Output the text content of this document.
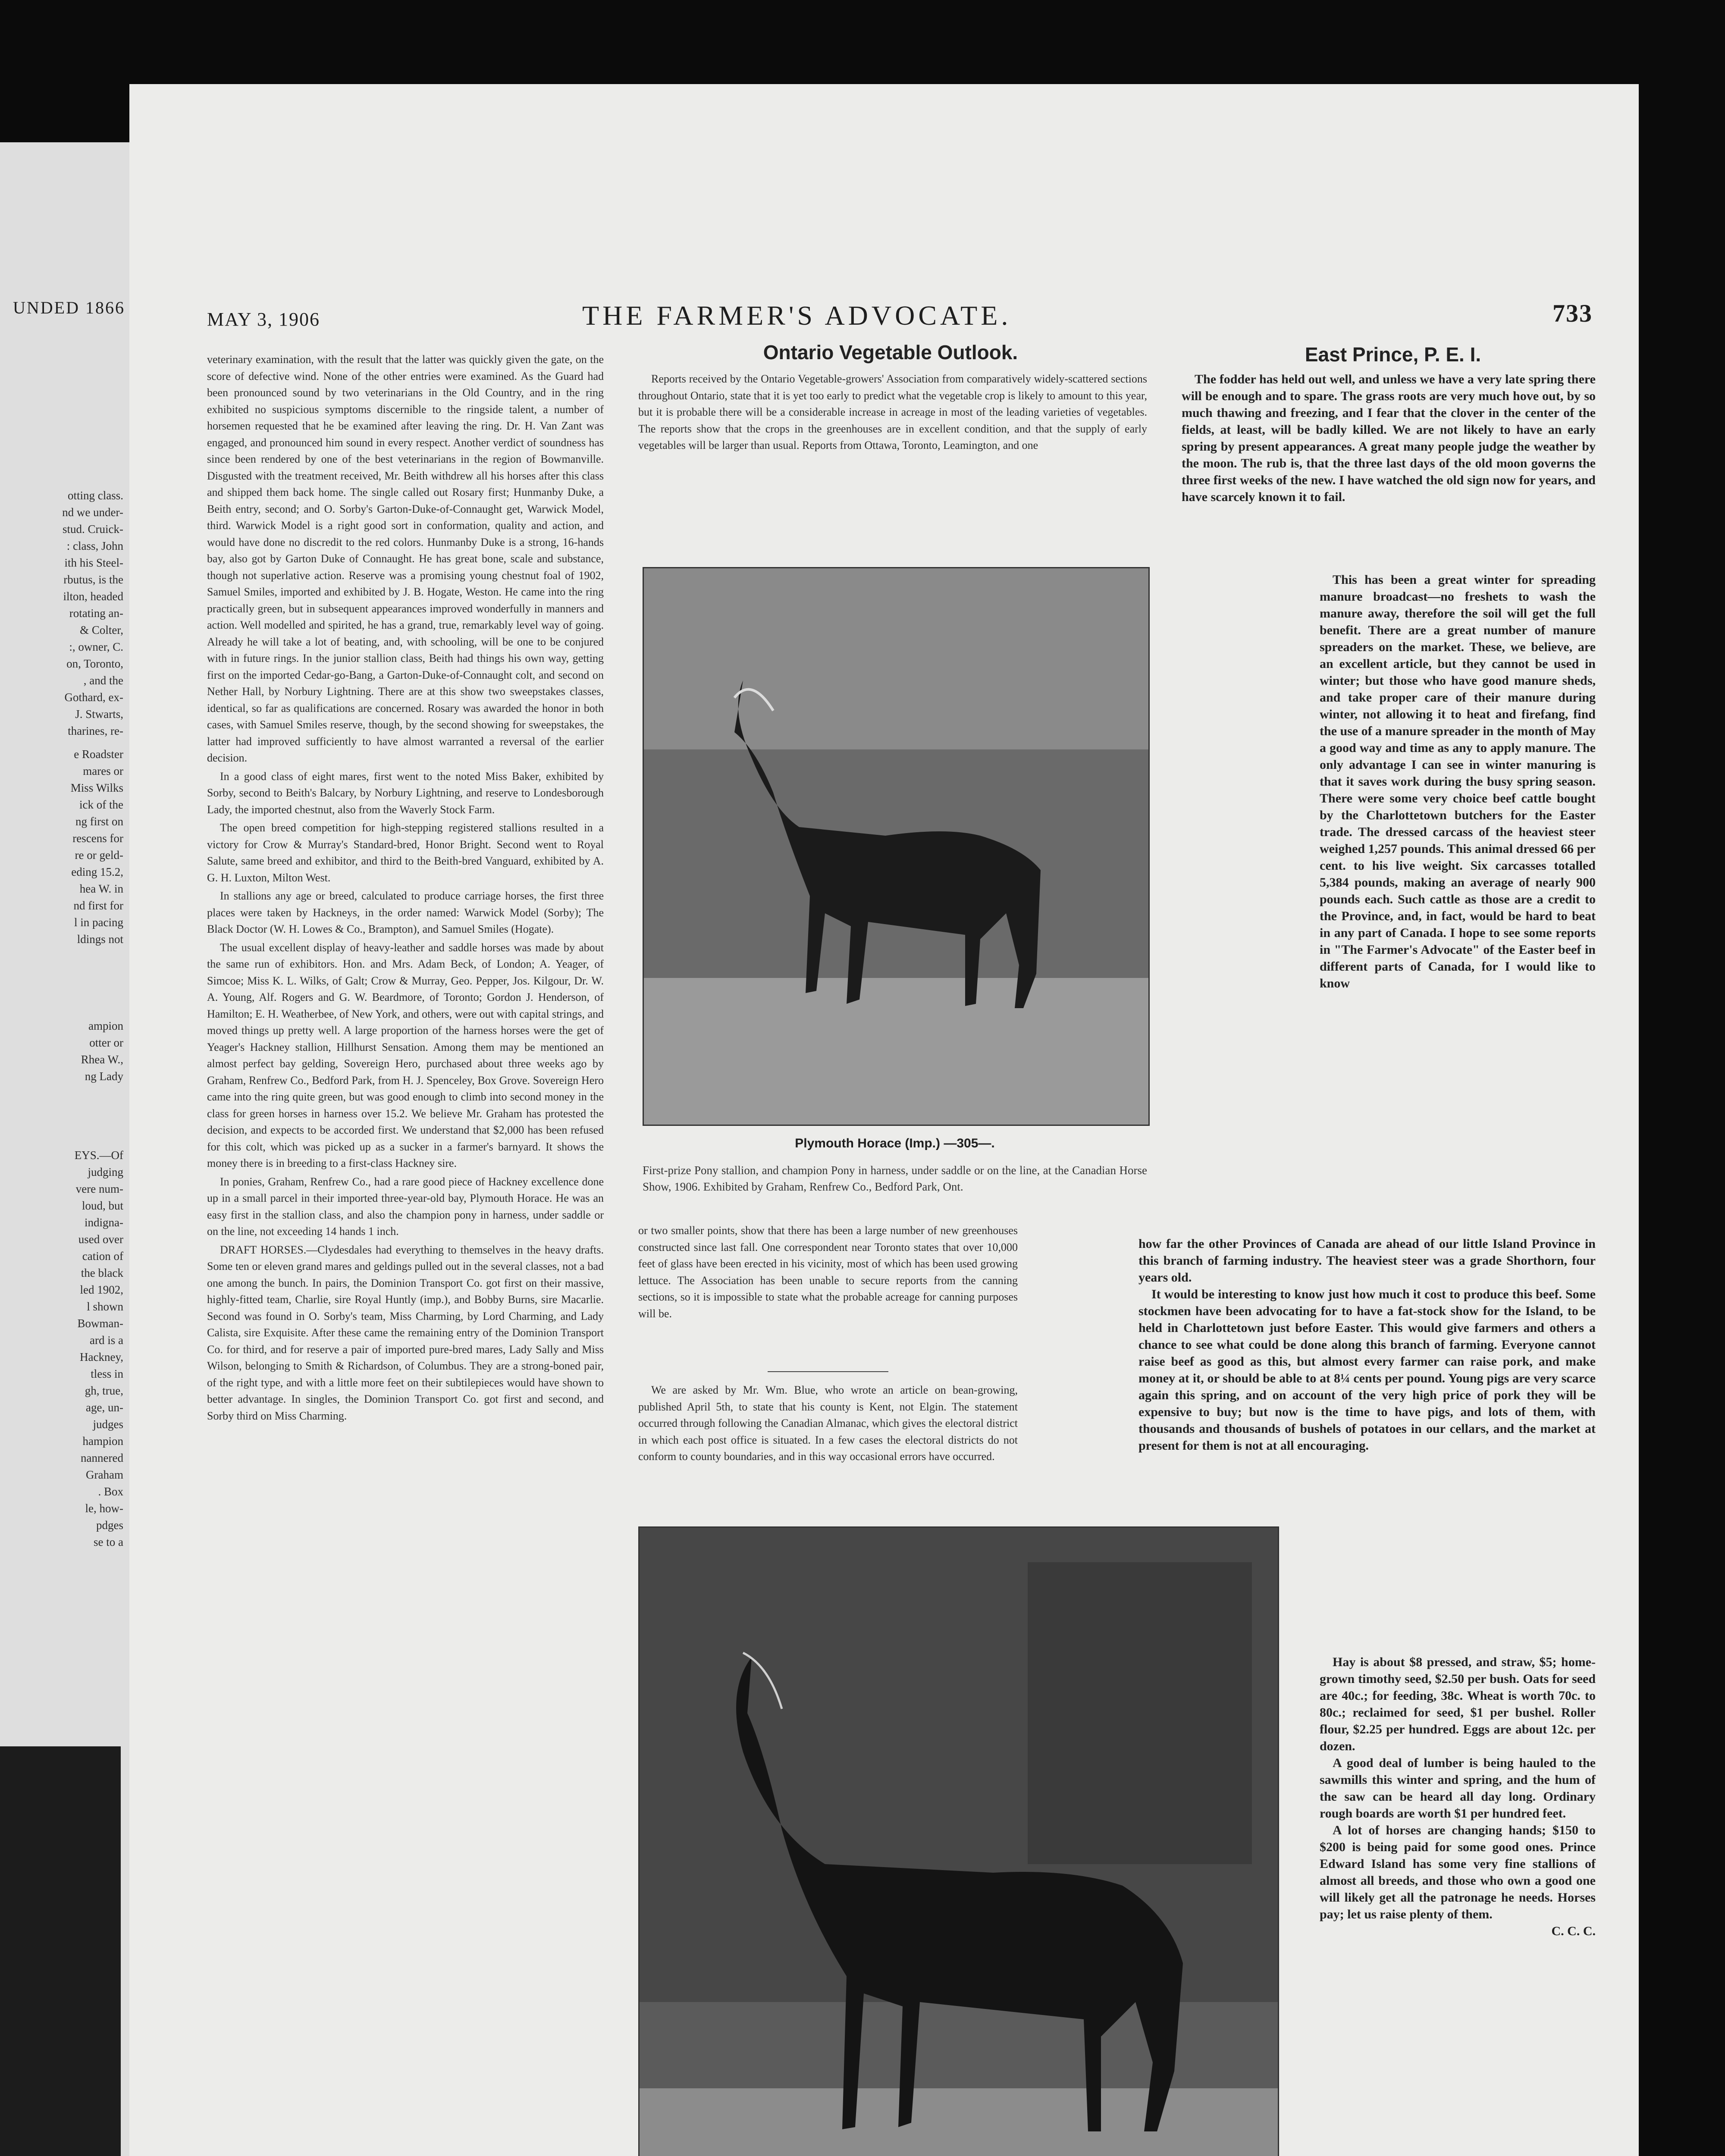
UNDED 1866
otting class.
nd we under-
stud. Cruick-
: class, John
ith his Steel-
rbutus, is the
ilton, headed
rotating an-
& Colter,
:, owner, C.
on, Toronto,
, and the
Gothard, ex-
J. Stwarts,
tharines, re-
e Roadster
mares or
Miss Wilks
ick of the
ng first on
rescens for
re or geld-
eding 15.2,
hea W. in
nd first for
l in pacing
ldings not
ampion
otter or
Rhea W.,
ng Lady
EYS.—Of
judging
vere num-
loud, but
indigna-
used over
cation of
the black
led 1902,
l shown
Bowman-
ard is a
Hackney,
tless in
gh, true,
age, un-
judges
hampion
nannered
Graham
. Box
le, how-
pdges
se to a
MAY 3, 1906	THE FARMER'S ADVOCATE.	733

veterinary examination, with the result that the latter was quickly given the gate, on the score of defective wind. None of the other entries were examined. As the Guard had been pronounced sound by two veterinarians in the Old Country, and in the ring exhibited no suspicious symptoms discernible to the ringside talent, a number of horsemen requested that he be examined after leaving the ring. Dr. H. Van Zant was engaged, and pronounced him sound in every respect. Another verdict of soundness has since been rendered by one of the best veterinarians in the region of Bowmanville. Disgusted with the treatment received, Mr. Beith withdrew all his horses after this class and shipped them back home. The single called out Rosary first; Hunmanby Duke, a Beith entry, second; and O. Sorby's Garton-Duke-of-Connaught get, Warwick Model, third. Warwick Model is a right good sort in conformation, quality and action, and would have done no discredit to the red colors. Hunmanby Duke is a strong, 16-hands bay, also got by Garton Duke of Connaught. He has great bone, scale and substance, though not superlative action. Reserve was a promising young chestnut foal of 1902, Samuel Smiles, imported and exhibited by J. B. Hogate, Weston. He came into the ring practically green, but in subsequent appearances improved wonderfully in manners and action. Well modelled and spirited, he has a grand, true, remarkably level way of going. Already he will take a lot of beating, and, with schooling, will be one to be conjured with in future rings. In the junior stallion class, Beith had things his own way, getting first on the imported Cedar-go-Bang, a Garton-Duke-of-Connaught colt, and second on Nether Hall, by Norbury Lightning. There are at this show two sweepstakes classes, identical, so far as qualifications are concerned. Rosary was awarded the honor in both cases, with Samuel Smiles reserve, though, by the second showing for sweepstakes, the latter had improved sufficiently to have almost warranted a reversal of the earlier decision.

In a good class of eight mares, first went to the noted Miss Baker, exhibited by Sorby, second to Beith's Balcary, by Norbury Lightning, and reserve to Londesborough Lady, the imported chestnut, also from the Waverly Stock Farm.

The open breed competition for high-stepping registered stallions resulted in a victory for Crow & Murray's Standard-bred, Honor Bright. Second went to Royal Salute, same breed and exhibitor, and third to the Beith-bred Vanguard, exhibited by A. G. H. Luxton, Milton West.

In stallions any age or breed, calculated to produce carriage horses, the first three places were taken by Hackneys, in the order named: Warwick Model (Sorby); The Black Doctor (W. H. Lowes & Co., Brampton), and Samuel Smiles (Hogate).

The usual excellent display of heavy-leather and saddle horses was made by about the same run of exhibitors. Hon. and Mrs. Adam Beck, of London; A. Yeager, of Simcoe; Miss K. L. Wilks, of Galt; Crow & Murray, Geo. Pepper, Jos. Kilgour, Dr. W. A. Young, Alf. Rogers and G. W. Beardmore, of Toronto; Gordon J. Henderson, of Hamilton; E. H. Weatherbee, of New York, and others, were out with capital strings, and moved things up pretty well. A large proportion of the harness horses were the get of Yeager's Hackney stallion, Hillhurst Sensation. Among them may be mentioned an almost perfect bay gelding, Sovereign Hero, purchased about three weeks ago by Graham, Renfrew Co., Bedford Park, from H. J. Spenceley, Box Grove. Sovereign Hero came into the ring quite green, but was good enough to climb into second money in the class for green horses in harness over 15.2. We believe Mr. Graham has protested the decision, and expects to be accorded first. We understand that $2,000 has been refused for this colt, which was picked up as a sucker in a farmer's barnyard. It shows the money there is in breeding to a first-class Hackney sire.

In ponies, Graham, Renfrew Co., had a rare good piece of Hackney excellence done up in a small parcel in their imported three-year-old bay, Plymouth Horace. He was an easy first in the stallion class, and also the champion pony in harness, under saddle or on the line, not exceeding 14 hands 1 inch.

DRAFT HORSES.—Clydesdales had everything to themselves in the heavy drafts. Some ten or eleven grand mares and geldings pulled out in the several classes, not a bad one among the bunch. In pairs, the Dominion Transport Co. got first on their massive, highly-fitted team, Charlie, sire Royal Huntly (imp.), and Bobby Burns, sire Macarlie. Second was found in O. Sorby's team, Miss Charming, by Lord Charming, and Lady Calista, sire Exquisite. After these came the remaining entry of the Dominion Transport Co. for third, and for reserve a pair of imported pure-bred mares, Lady Sally and Miss Wilson, belonging to Smith & Richardson, of Columbus. They are a strong-boned pair, of the right type, and with a little more feet on their subtilepieces would have shown to better advantage. In singles, the Dominion Transport Co. got first and second, and Sorby third on Miss Charming.

Ontario Vegetable Outlook.

Reports received by the Ontario Vegetable-growers' Association from comparatively widely-scattered sections throughout Ontario, state that it is yet too early to predict what the vegetable crop is likely to amount to this year, but it is probable there will be a considerable increase in acreage in most of the leading varieties of vegetables. The reports show that the crops in the greenhouses are in excellent condition, and that the supply of early vegetables will be larger than usual. Reports from Ottawa, Toronto, Leamington, and one

Plymouth Horace (Imp.) —305—.
First-prize Pony stallion, and champion Pony in harness, under saddle or on the line, at the Canadian Horse Show, 1906. Exhibited by Graham, Renfrew Co., Bedford Park, Ont.

or two smaller points, show that there has been a large number of new greenhouses constructed since last fall. One correspondent near Toronto states that over 10,000 feet of glass have been erected in his vicinity, most of which has been used growing lettuce. The Association has been unable to secure reports from the canning sections, so it is impossible to state what the probable acreage for canning purposes will be.

We are asked by Mr. Wm. Blue, who wrote an article on bean-growing, published April 5th, to state that his county is Kent, not Elgin. The statement occurred through following the Canadian Almanac, which gives the electoral district in which each post office is situated. In a few cases the electoral districts do not conform to county boundaries, and in this way occasional errors have occurred.

East Prince, P. E. I.

The fodder has held out well, and unless we have a very late spring there will be enough and to spare. The grass roots are very much hove out, by so much thawing and freezing, and I fear that the clover in the center of the fields, at least, will be badly killed. We are not likely to have an early spring by present appearances. A great many people judge the weather by the moon. The rub is, that the three last days of the old moon governs the three first weeks of the new. I have watched the old sign now for years, and have scarcely known it to fail.

This has been a great winter for spreading manure broadcast—no freshets to wash the manure away, therefore the soil will get the full benefit. There are a great number of manure spreaders on the market. These, we believe, are an excellent article, but they cannot be used in winter; but those who have good manure sheds, and take proper care of their manure during winter, not allowing it to heat and firefang, find the use of a manure spreader in the month of May a good way and time as any to apply manure. The only advantage I can see in winter manuring is that it saves work during the busy spring season. There were some very choice beef cattle bought by the Charlottetown butchers for the Easter trade. The dressed carcass of the heaviest steer weighed 1,257 pounds. This animal dressed 66 per cent. to his live weight. Six carcasses totalled 5,384 pounds, making an average of nearly 900 pounds each. Such cattle as those are a credit to the Province, and, in fact, would be hard to beat in any part of Canada. I hope to see some reports in "The Farmer's Advocate" of the Easter beef in different parts of Canada, for I would like to know

how far the other Provinces of Canada are ahead of our little Island Province in this branch of farming industry. The heaviest steer was a grade Shorthorn, four years old.

It would be interesting to know just how much it cost to produce this beef. Some stockmen have been advocating for to have a fat-stock show for the Island, to be held in Charlottetown just before Easter. This would give farmers and others a chance to see what could be done along this branch of farming. Everyone cannot raise beef as good as this, but almost every farmer can raise pork, and make money at it, or should be able to at 8¼ cents per pound. Young pigs are very scarce again this spring, and on account of the very high price of pork they will be expensive to buy; but now is the time to have pigs, and lots of them, with thousands and thousands of bushels of potatoes in our cellars, and the market at present for them is not at all encouraging.

Hay is about $8 pressed, and straw, $5; home-grown timothy seed, $2.50 per bush. Oats for seed are 40c.; for feeding, 38c. Wheat is worth 70c. to 80c.; reclaimed for seed, $1 per bushel. Roller flour, $2.25 per hundred. Eggs are about 12c. per dozen.

A good deal of lumber is being hauled to the sawmills this winter and spring, and the hum of the saw can be heard all day long. Ordinary rough boards are worth $1 per hundred feet.

A lot of horses are changing hands; $150 to $200 is being paid for some good ones. Prince Edward Island has some very fine stallions of almost all breeds, and those who own a good one will likely get all the patronage he needs. Horses pay; let us raise plenty of them.

C. C. C.
